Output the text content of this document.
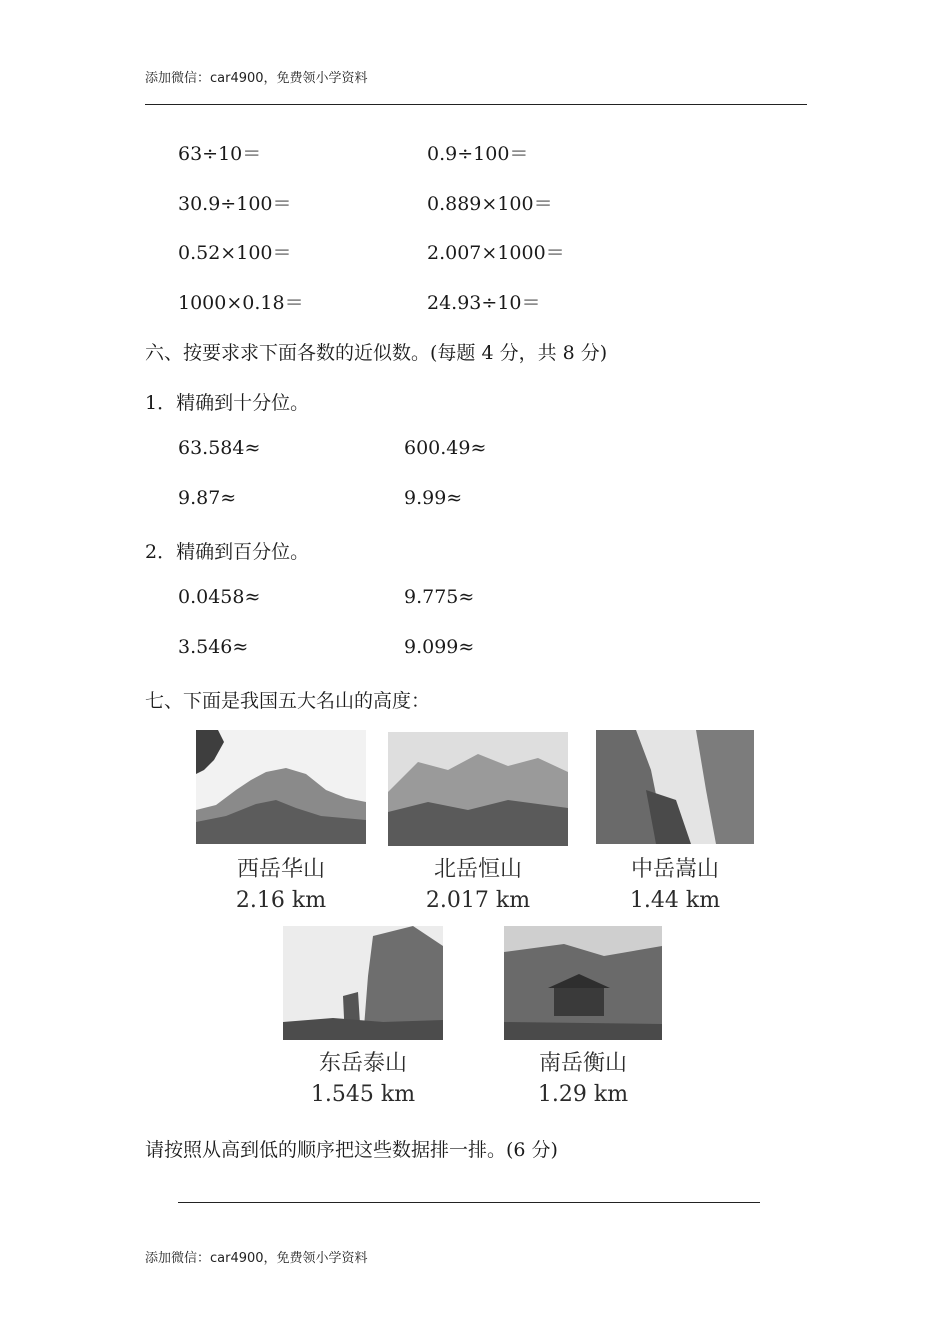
添加微信：car4900，免费领小学资料
63÷10＝	0.9÷100＝
30.9÷100＝	0.889×100＝
0.52×100＝	2.007×1000＝
1000×0.18＝	24.93÷10＝
六、按要求求下面各数的近似数。(每题 4 分，共 8 分)
1．精确到十分位。
63.584≈	600.49≈
9.87≈	9.99≈
2．精确到百分位。
0.0458≈	9.775≈
3.546≈	9.099≈
七、下面是我国五大名山的高度：
西岳华山
2.16 km
北岳恒山
2.017 km
中岳嵩山
1.44 km
东岳泰山
1.545 km
南岳衡山
1.29 km
请按照从高到低的顺序把这些数据排一排。(6 分)
添加微信：car4900，免费领小学资料
